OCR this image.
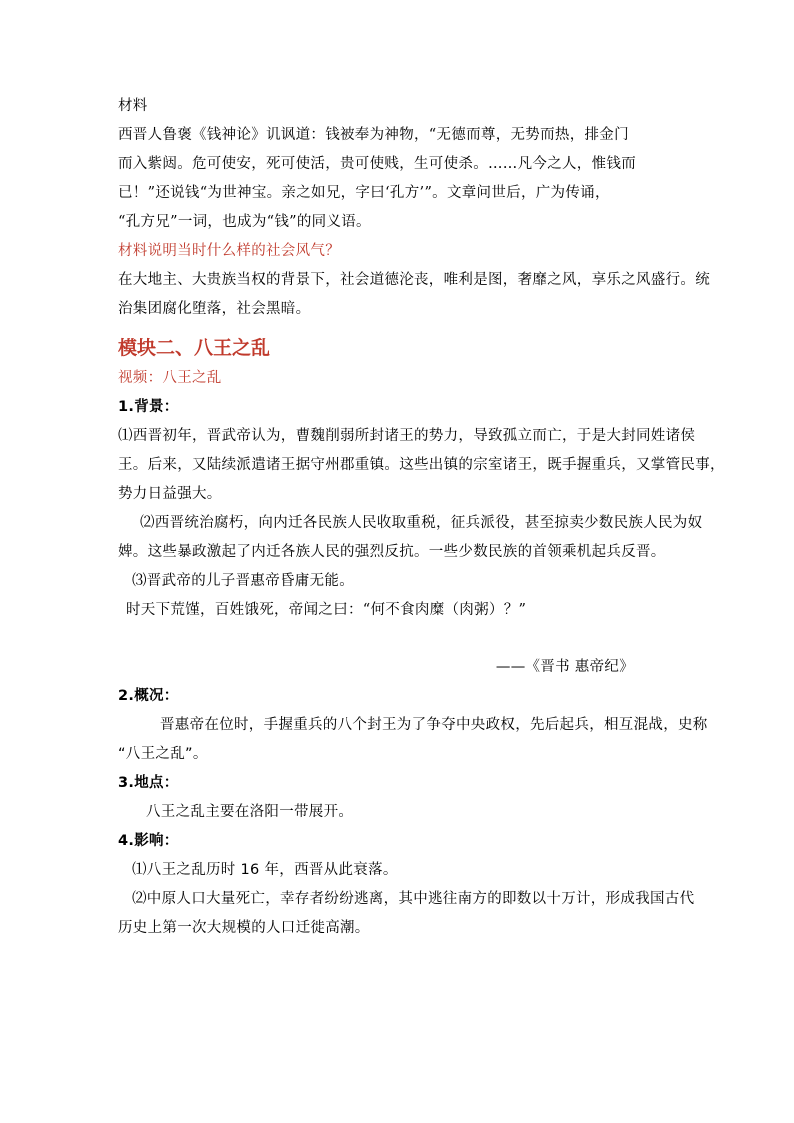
材料
西晋人鲁褒《钱神论》讥讽道：钱被奉为神物，“无德而尊，无势而热，排金门
而入紫闼。危可使安，死可使活，贵可使贱，生可使杀。……凡今之人，惟钱而
已！”还说钱“为世神宝。亲之如兄，字曰‘孔方’”。文章问世后，广为传诵，
“孔方兄”一词，也成为“钱”的同义语。
材料说明当时什么样的社会风气？
在大地主、大贵族当权的背景下，社会道德沦丧，唯利是图，奢靡之风，享乐之风盛行。统
治集团腐化堕落，社会黑暗。
模块二、八王之乱
视频：八王之乱
1.背景：
⑴西晋初年，晋武帝认为，曹魏削弱所封诸王的势力，导致孤立而亡，于是大封同姓诸侯
王。后来，又陆续派遣诸王据守州郡重镇。这些出镇的宗室诸王，既手握重兵，又掌管民事，
势力日益强大。
⑵西晋统治腐朽，向内迁各民族人民收取重税，征兵派役，甚至掠卖少数民族人民为奴
婢。这些暴政激起了内迁各族人民的强烈反抗。一些少数民族的首领乘机起兵反晋。
⑶晋武帝的儿子晋惠帝昏庸无能。
时天下荒馑，百姓饿死，帝闻之曰：“何不食肉糜（肉粥）？”
——《晋书 惠帝纪》
2.概况：
晋惠帝在位时，手握重兵的八个封王为了争夺中央政权，先后起兵，相互混战，史称
“八王之乱”。
3.地点：
八王之乱主要在洛阳一带展开。
4.影响：
⑴八王之乱历时 16 年，西晋从此衰落。
⑵中原人口大量死亡，幸存者纷纷逃离，其中逃往南方的即数以十万计，形成我国古代
历史上第一次大规模的人口迁徙高潮。
